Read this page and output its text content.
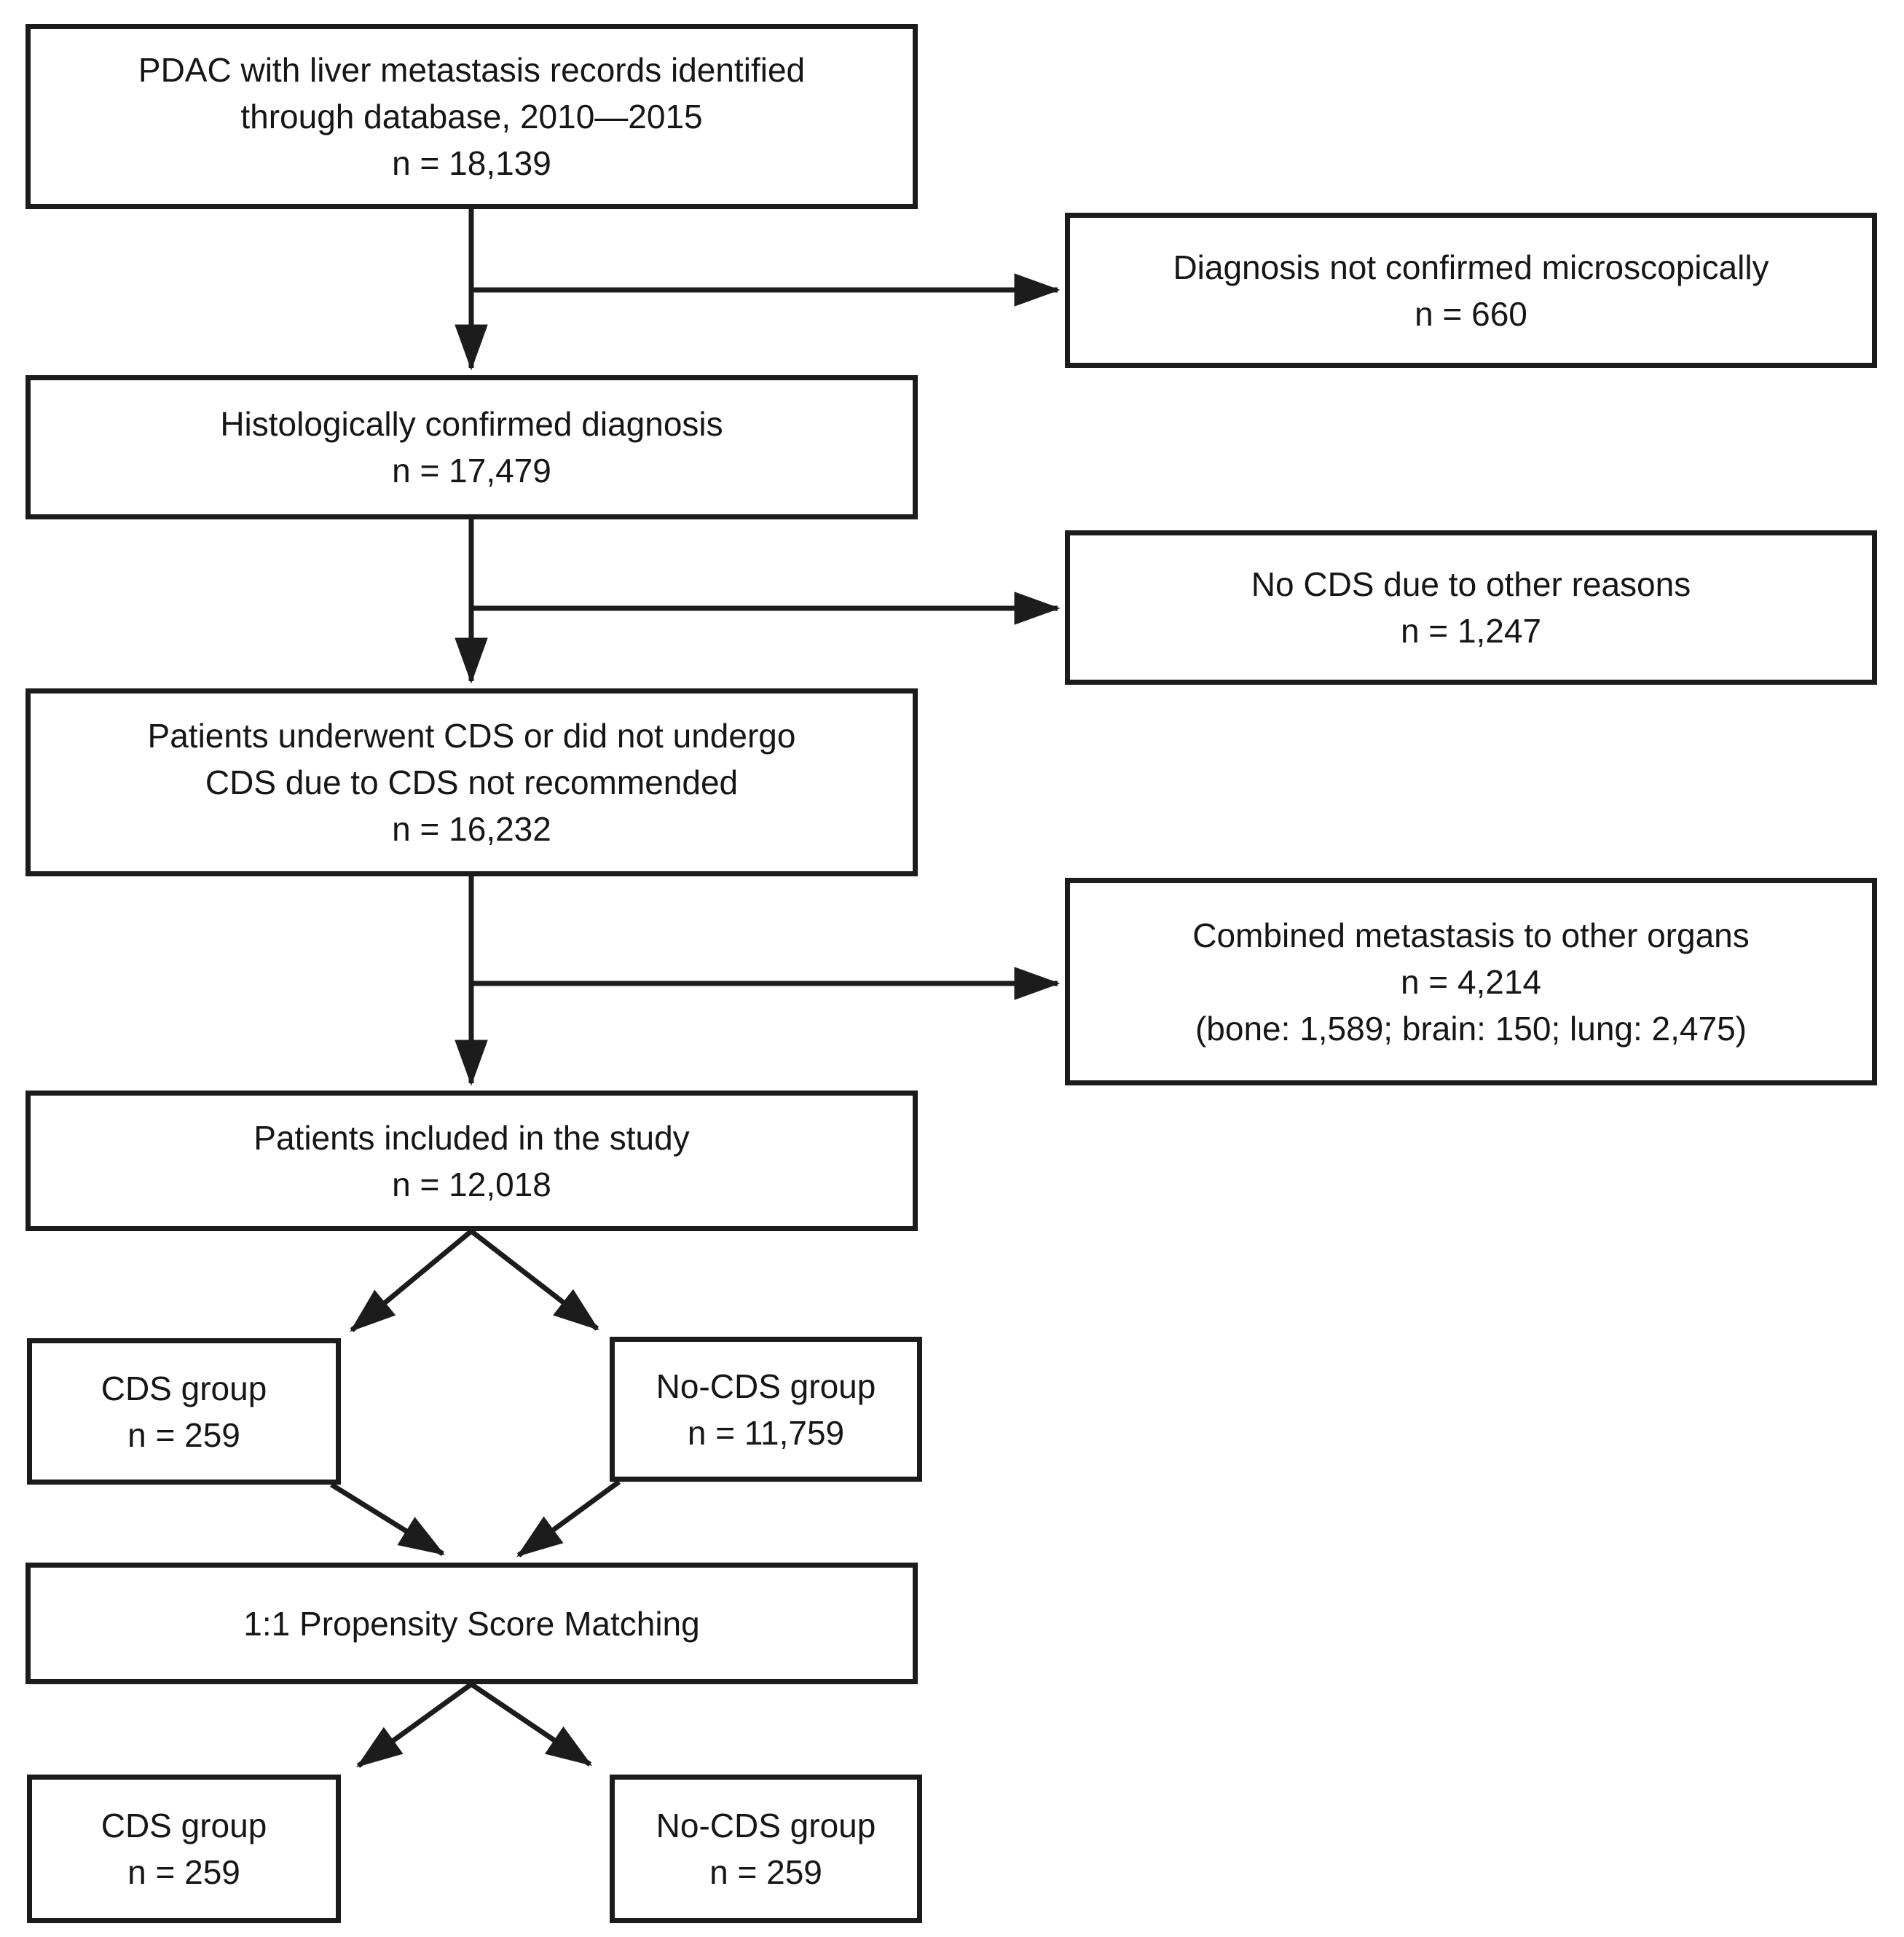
PDAC with liver metastasis records identified
through database, 2010—2015
n = 18,139
Diagnosis not confirmed microscopically
n = 660
Histologically confirmed diagnosis
n = 17,479
No CDS due to other reasons
n = 1,247
Patients underwent CDS or did not undergo
CDS due to CDS not recommended
n = 16,232
Combined metastasis to other organs
n = 4,214
(bone: 1,589; brain: 150; lung: 2,475)
Patients included in the study
n = 12,018
CDS group
n = 259
No-CDS group
n = 11,759
1:1 Propensity Score Matching
CDS group
n = 259
No-CDS group
n = 259
